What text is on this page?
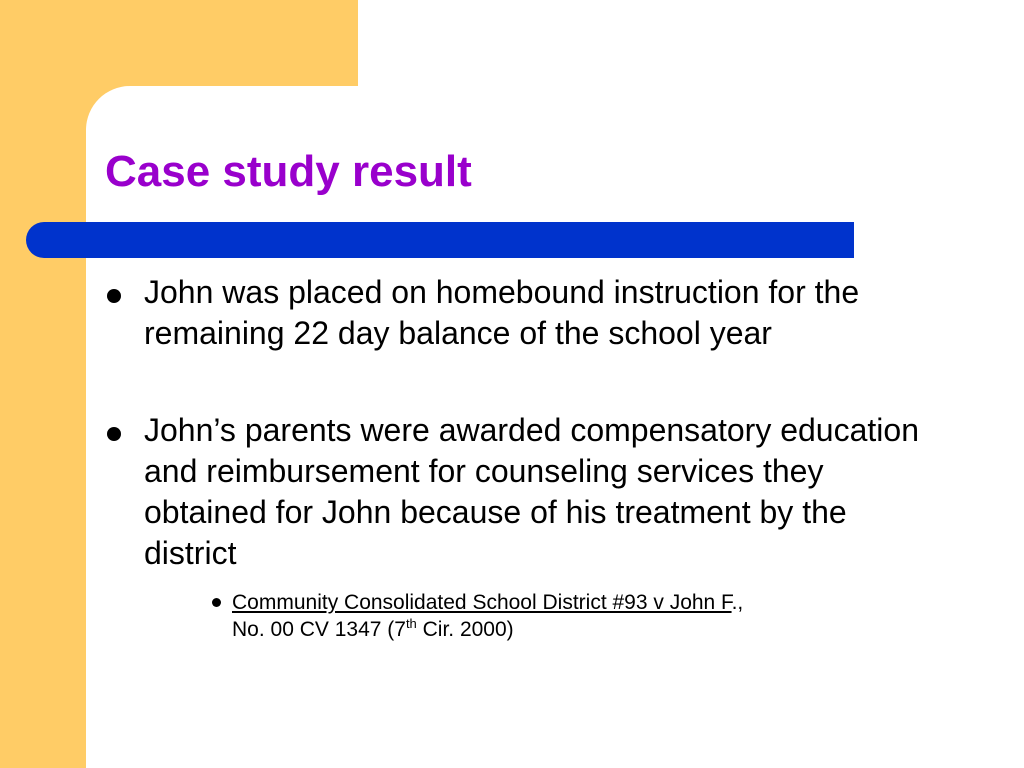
Case study result
John was placed on homebound instruction for the remaining 22 day balance of the school year
John’s parents were awarded compensatory education and reimbursement for counseling services they obtained for John because of his treatment by the district
Community Consolidated School District #93 v John F.,
No. 00 CV 1347 (7th Cir. 2000)
